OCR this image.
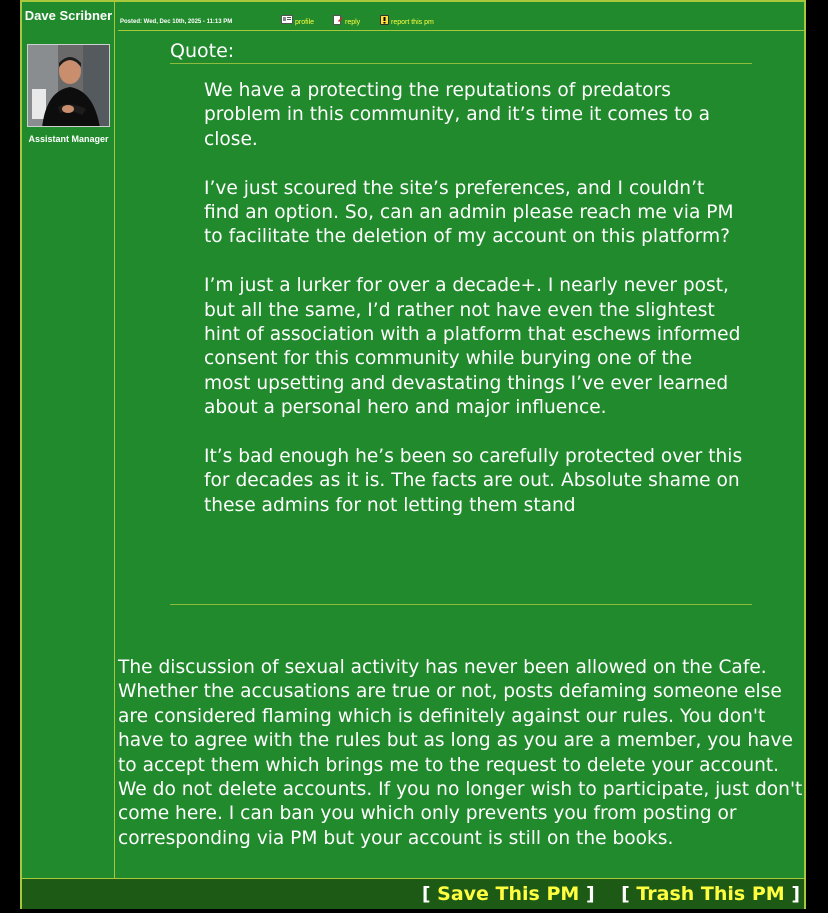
Dave Scribner
Assistant Manager
Posted: Wed, Dec 10th, 2025 - 11:13 PM	profile	reply	report this pm
Quote:

We have a protecting the reputations of predators problem in this community, and it’s time it comes to a close.

I’ve just scoured the site’s preferences, and I couldn’t find an option. So, can an admin please reach me via PM to facilitate the deletion of my account on this platform?

I’m just a lurker for over a decade+. I nearly never post, but all the same, I’d rather not have even the slightest hint of association with a platform that eschews informed consent for this community while burying one of the most upsetting and devastating things I’ve ever learned about a personal hero and major influence.

It’s bad enough he’s been so carefully protected over this for decades as it is. The facts are out. Absolute shame on these admins for not letting them stand

The discussion of sexual activity has never been allowed on the Cafe. Whether the accusations are true or not, posts defaming someone else are considered flaming which is definitely against our rules. You don't have to agree with the rules but as long as you are a member, you have to accept them which brings me to the request to delete your account. We do not delete accounts. If you no longer wish to participate, just don't come here. I can ban you which only prevents you from posting or corresponding via PM but your account is still on the books.
[ Save This PM ] [ Trash This PM ]
